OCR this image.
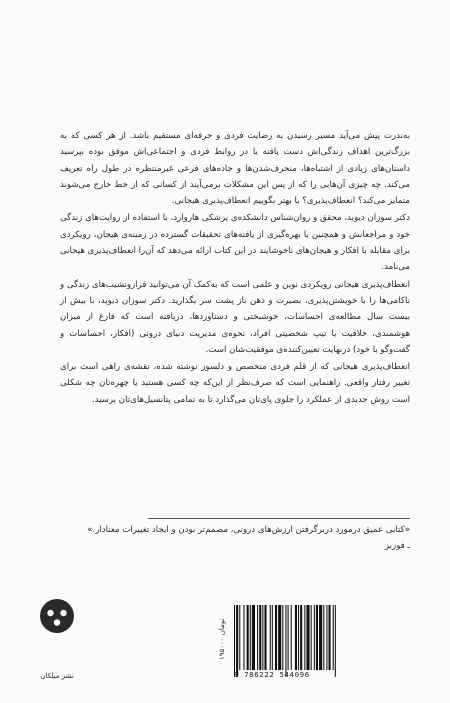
به‌ندرت پیش می‌آید مسیر رسیدن به رضایت فردی و حرفه‌ای مستقیم باشد. از هر کسی که به بزرگ‌ترین اهداف زندگی‌اش دست یافته یا در روابط فردی و اجتماعی‌اش موفق بوده بپرسید داستان‌های زیادی از اشتباه‌ها، منحرف‌شدن‌ها و جاده‌های فرعی غیرمنتظره در طول راه تعریف می‌کند. چه چیزی آن‌هایی را که از پس این مشکلات برمی‌آیند از کسانی که از خط خارج می‌شوند متمایز می‌کند؟ انعطاف‌پذیری؟ یا بهتر بگوییم انعطاف‌پذیری هیجانی.

دکتر سوزان دیوید، محقق و روان‌شناس دانشکده‌ی پزشکی هاروارد، با استفاده از روایت‌های زندگی خود و مراجعانش و همچنین با بهره‌گیری از یافته‌های تحقیقات گسترده در زمینه‌ی هیجان، رویکردی برای مقابله با افکار و هیجان‌های ناخوشایند در این کتاب ارائه می‌دهد که آن‌را انعطاف‌پذیری هیجانی می‌نامد.

انعطاف‌پذیری هیجانی رویکردی نوین و علمی است که به‌کمک آن می‌توانید فرازونشیب‌های زندگی و ناکامی‌ها را با خویشتن‌پذیری، بصیرت و ذهن باز پشت سر بگذارید. دکتر سوزان دیوید، با بیش از بیست سال مطالعه‌ی احساسات، خوشبختی و دستاوردها، دریافته است که فارغ از میزان هوشمندی، خلاقیت یا تیپ شخصیتی افراد، نحوه‌ی مدیریت دنیای درونی (افکار، احساسات و گفت‌وگو با خود) درنهایت تعیین‌کننده‌ی موفقیت‌شان است.

انعطاف‌پذیری هیجانی که از قلم فردی متخصص و دلسوز نوشته شده، نقشه‌ی راهی است برای تغییر رفتار واقعی. راهنمایی است که صرف‌نظر از این‌که چه کسی هستید یا چهره‌تان چه شکلی است روش جدیدی از عملکرد را جلوی پای‌تان می‌گذارد تا به تمامی پتانسیل‌های‌تان برسید.

«کتابی عمیق درمورد دربرگرفتن ارزش‌های درونی، مصمم‌تر بودن و ایجاد تغییرات معنادار.»

ـ فوربز

نشر میلکان
۱۹۵۰۰۰ تومان
9 786222 544096
